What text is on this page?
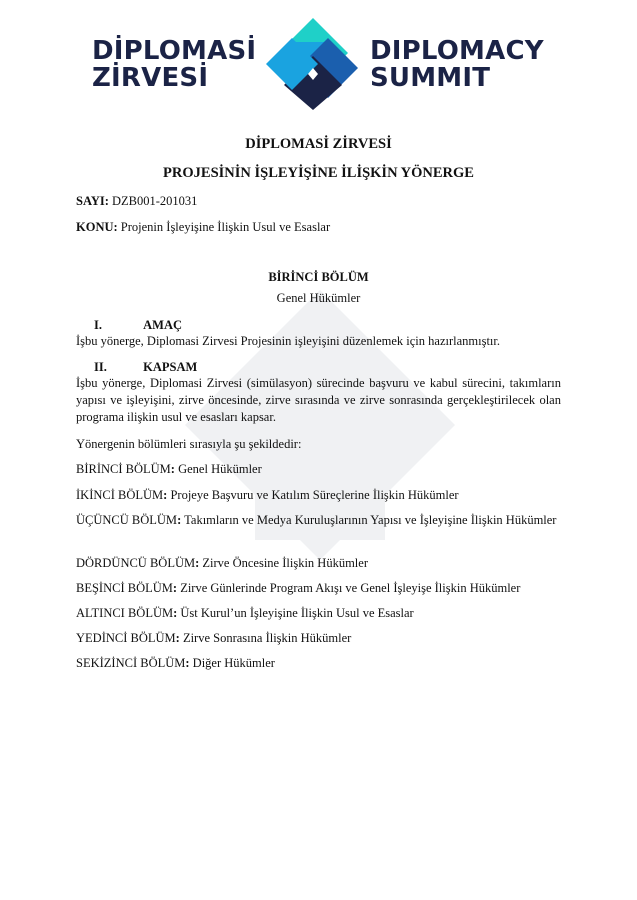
DİPLOMASİ
ZİRVESİ
DIPLOMACY
SUMMIT
DİPLOMASİ ZİRVESİ
PROJESİNİN İŞLEYİŞİNE İLİŞKİN YÖNERGE
SAYI: DZB001-201031
KONU: Projenin İşleyişine İlişkin Usul ve Esaslar
BİRİNCİ BÖLÜM
Genel Hükümler
I.	AMAÇ
İşbu yönerge, Diplomasi Zirvesi Projesinin işleyişini düzenlemek için hazırlanmıştır.
II.	KAPSAM
İşbu yönerge, Diplomasi Zirvesi (simülasyon) sürecinde başvuru ve kabul sürecini, takımların yapısı ve işleyişini, zirve öncesinde, zirve sırasında ve zirve sonrasında gerçekleştirilecek olan programa ilişkin usul ve esasları kapsar.
Yönergenin bölümleri sırasıyla şu şekildedir:
BİRİNCİ BÖLÜM: Genel Hükümler
İKİNCİ BÖLÜM: Projeye Başvuru ve Katılım Süreçlerine İlişkin Hükümler
ÜÇÜNCÜ BÖLÜM: Takımların ve Medya Kuruluşlarının Yapısı ve İşleyişine İlişkin Hükümler
DÖRDÜNCÜ BÖLÜM: Zirve Öncesine İlişkin Hükümler
BEŞİNCİ BÖLÜM: Zirve Günlerinde Program Akışı ve Genel İşleyişe İlişkin Hükümler
ALTINCI BÖLÜM: Üst Kurul’un İşleyişine İlişkin Usul ve Esaslar
YEDİNCİ BÖLÜM: Zirve Sonrasına İlişkin Hükümler
SEKİZİNCİ BÖLÜM: Diğer Hükümler
